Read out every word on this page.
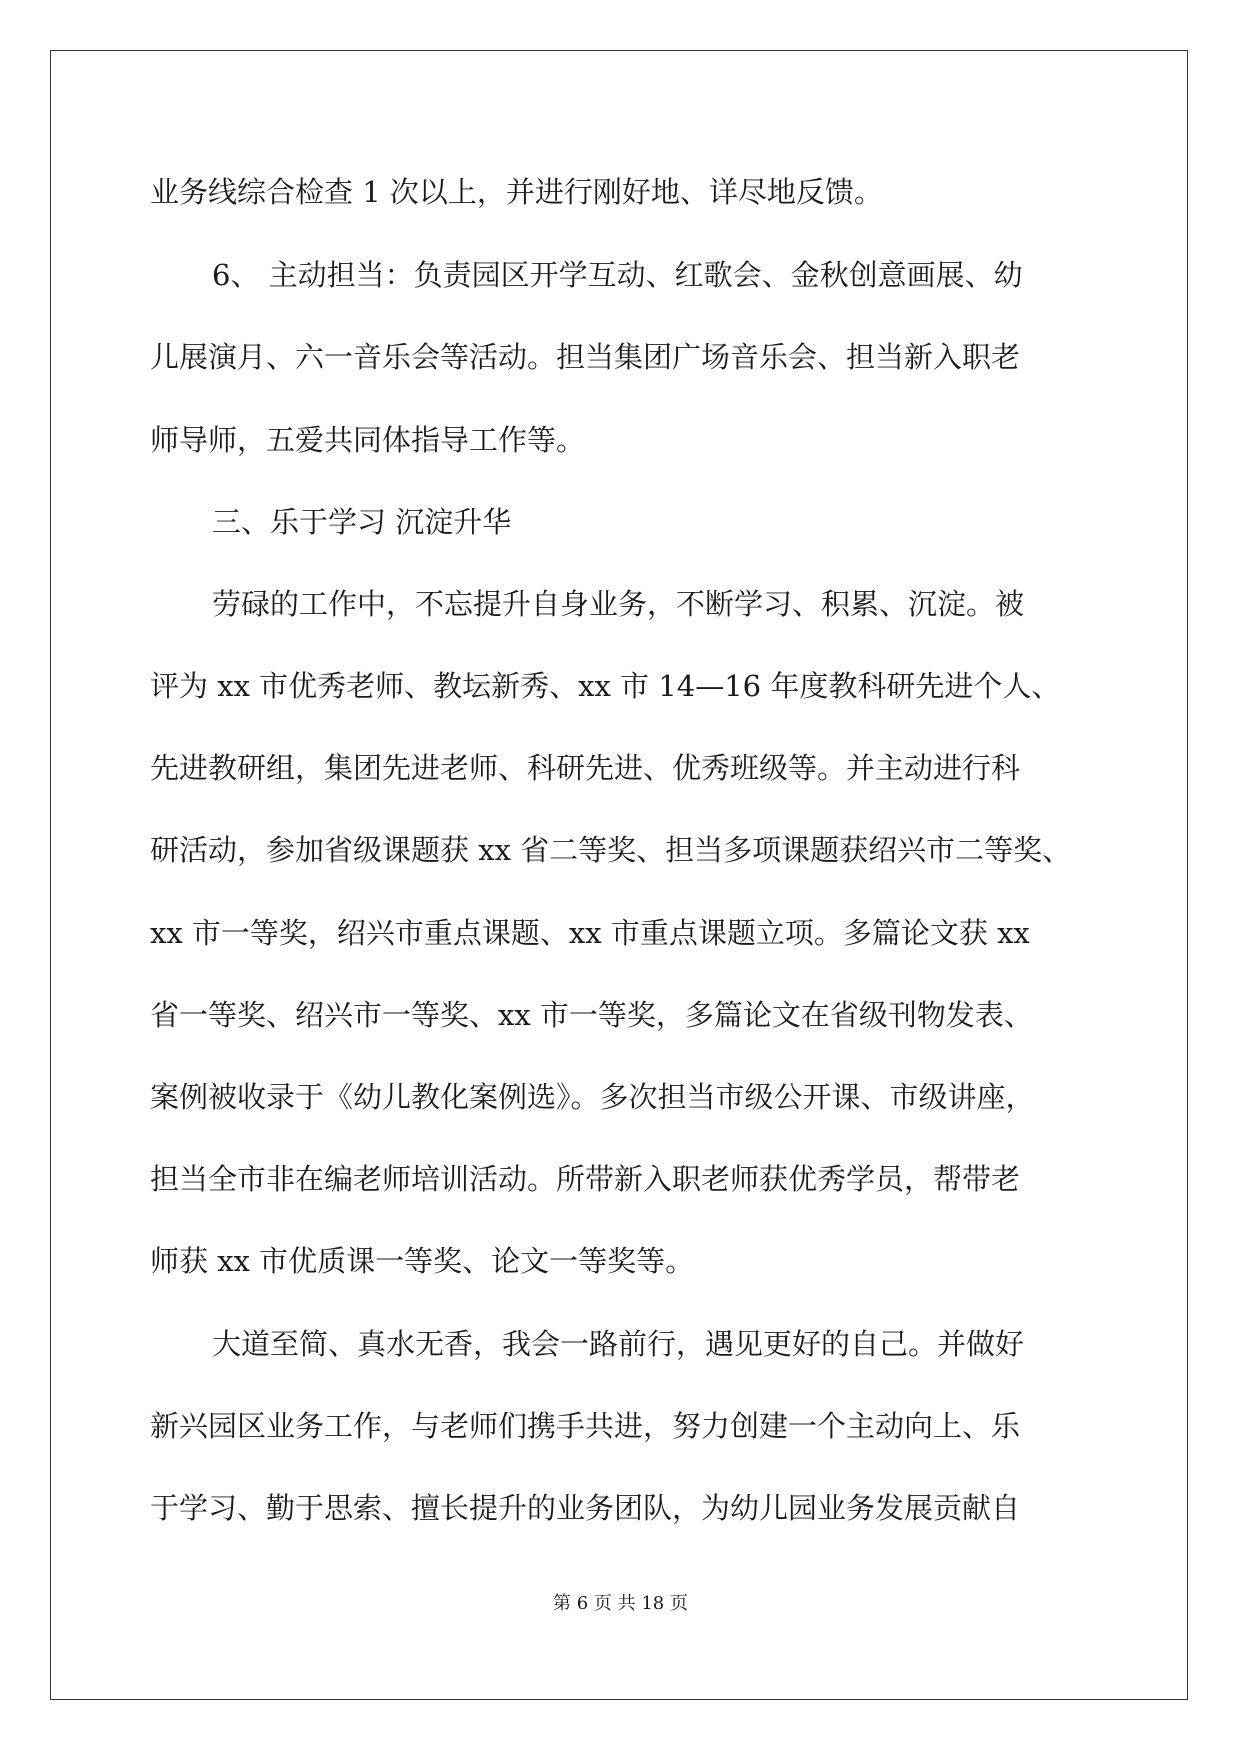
业务线综合检查 1 次以上，并进行刚好地、详尽地反馈。

6、 主动担当：负责园区开学互动、红歌会、金秋创意画展、幼

儿展演月、六一音乐会等活动。担当集团广场音乐会、担当新入职老

师导师，五爱共同体指导工作等。

三、乐于学习 沉淀升华

劳碌的工作中，不忘提升自身业务，不断学习、积累、沉淀。被

评为 xx 市优秀老师、教坛新秀、xx 市 14—16 年度教科研先进个人、

先进教研组，集团先进老师、科研先进、优秀班级等。并主动进行科

研活动，参加省级课题获 xx 省二等奖、担当多项课题获绍兴市二等奖、

xx 市一等奖，绍兴市重点课题、xx 市重点课题立项。多篇论文获 xx

省一等奖、绍兴市一等奖、xx 市一等奖，多篇论文在省级刊物发表、

案例被收录于《幼儿教化案例选》。多次担当市级公开课、市级讲座，

担当全市非在编老师培训活动。所带新入职老师获优秀学员，帮带老

师获 xx 市优质课一等奖、论文一等奖等。

大道至简、真水无香，我会一路前行，遇见更好的自己。并做好

新兴园区业务工作，与老师们携手共进，努力创建一个主动向上、乐

于学习、勤于思索、擅长提升的业务团队，为幼儿园业务发展贡献自

第 6 页 共 18 页
